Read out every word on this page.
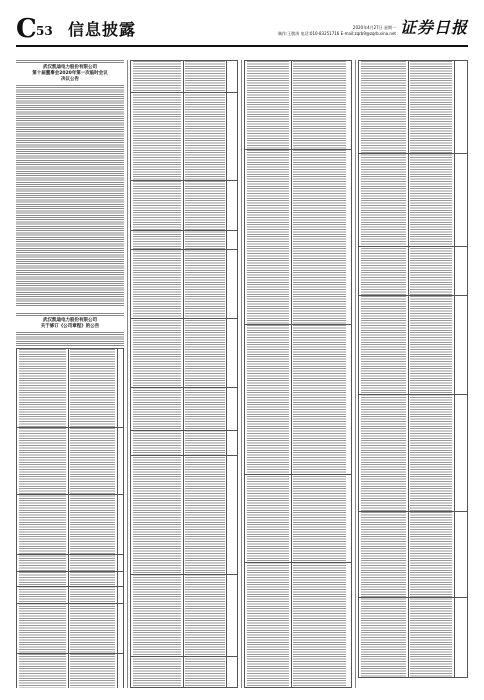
C 53 信息披露	2020年4月27日 星期一
制作:王敬涛 电话:010-83251716 E-mail:zqrb9@zqrb.sina.net 证券日报
武汉凯迪电力股份有限公司
第十届董事会2020年第一次临时会议
决议公告
武汉凯迪电力股份有限公司
关于修订《公司章程》的公告
